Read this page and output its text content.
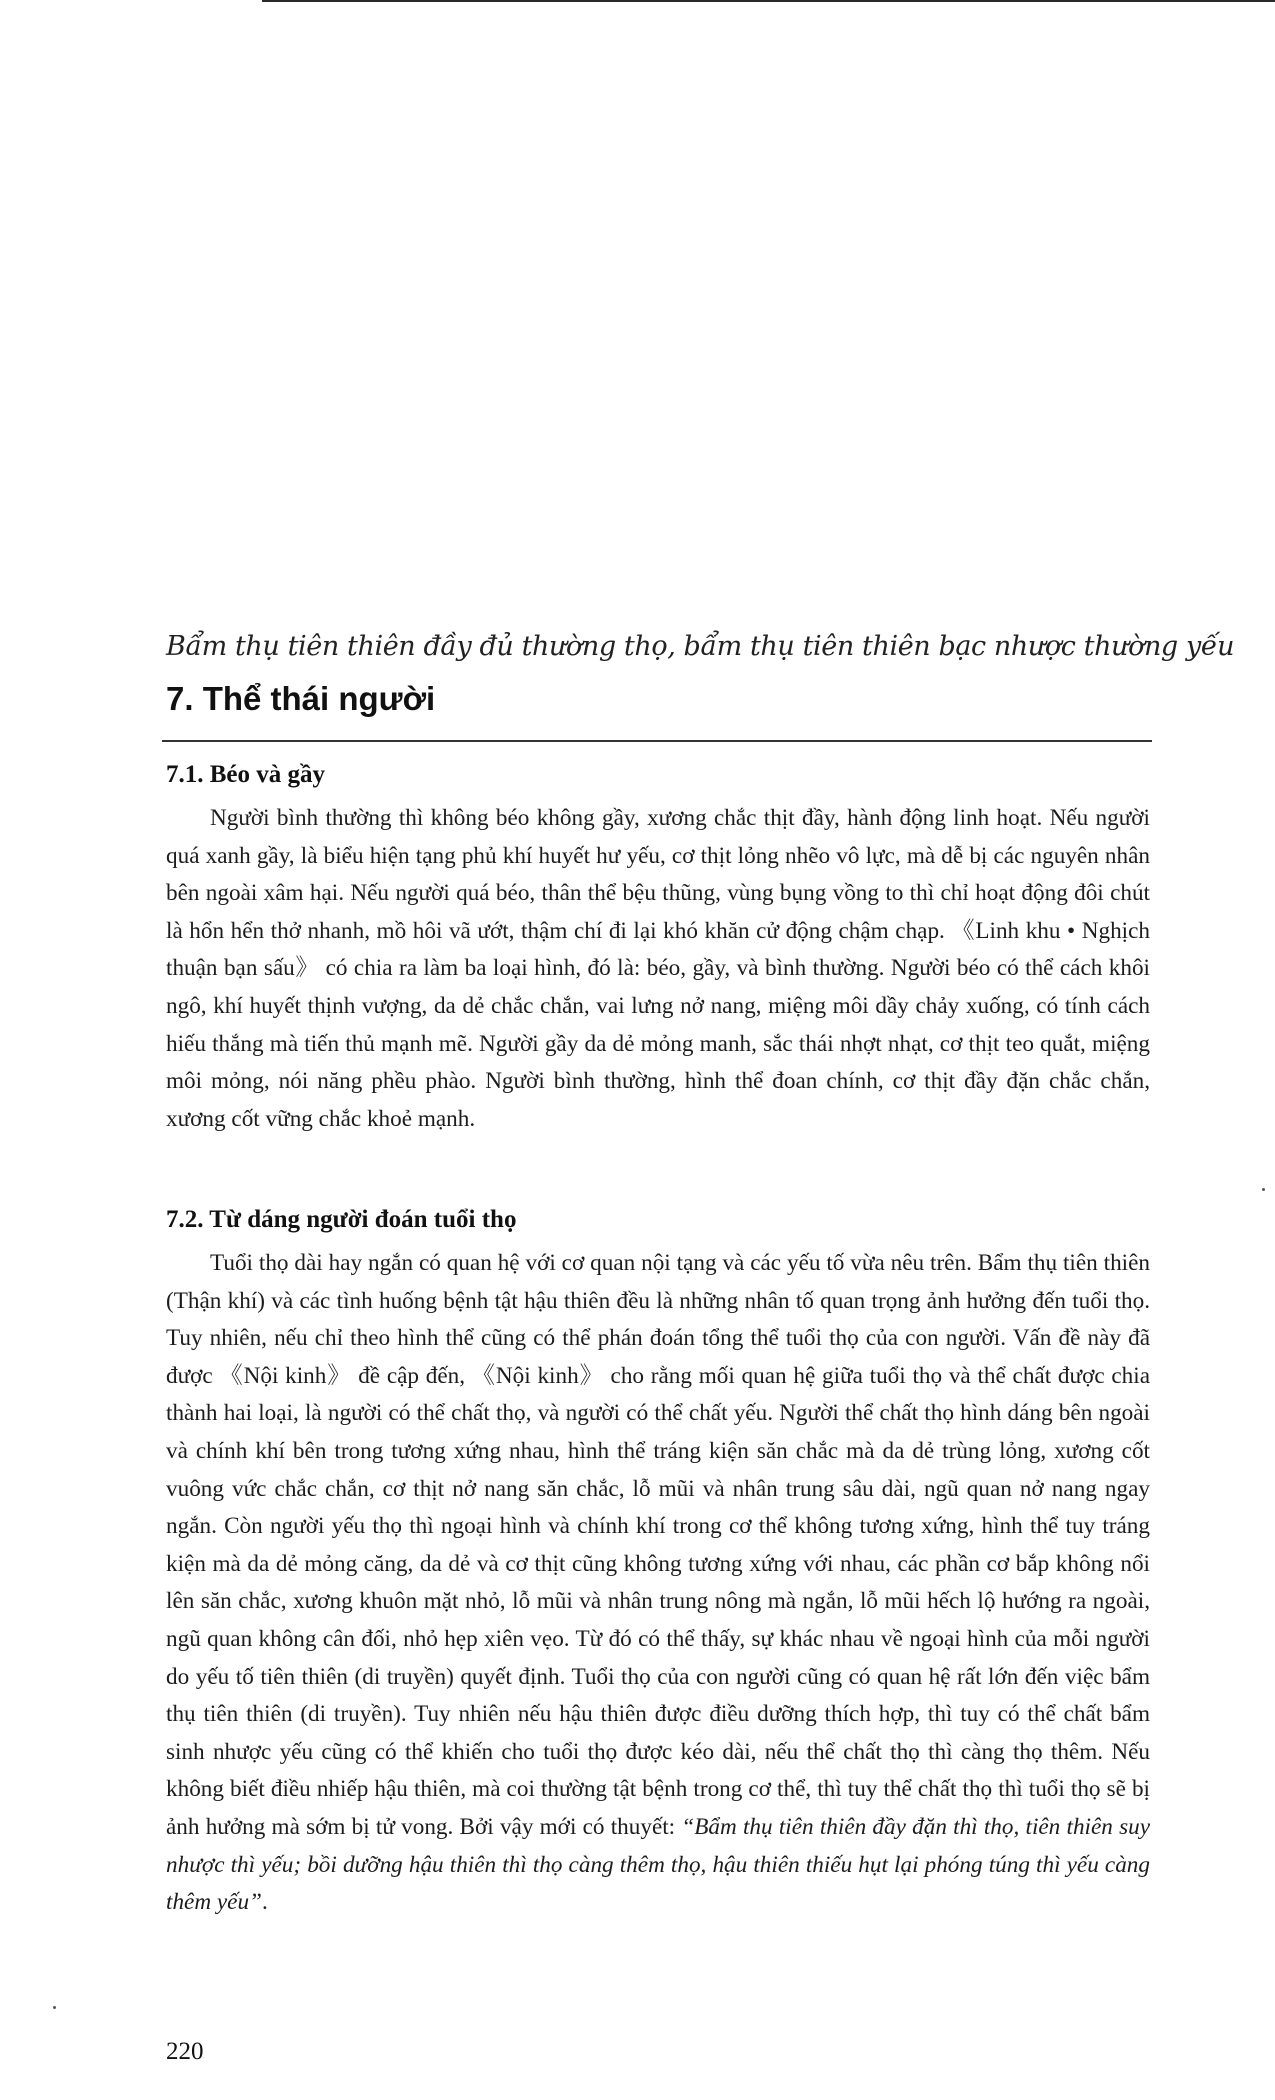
Bẩm thụ tiên thiên đầy đủ thường thọ, bẩm thụ tiên thiên bạc nhược thường yếu
7. Thể thái người
7.1. Béo và gầy

Người bình thường thì không béo không gầy, xương chắc thịt đầy, hành động linh hoạt. Nếu người quá xanh gầy, là biểu hiện tạng phủ khí huyết hư yếu, cơ thịt lỏng nhẽo vô lực, mà dễ bị các nguyên nhân bên ngoài xâm hại. Nếu người quá béo, thân thể bệu thũng, vùng bụng vồng to thì chỉ hoạt động đôi chút là hổn hển thở nhanh, mồ hôi vã ướt, thậm chí đi lại khó khăn cử động chậm chạp. 《Linh khu • Nghịch thuận bạn sấu》 có chia ra làm ba loại hình, đó là: béo, gầy, và bình thường. Người béo có thể cách khôi ngô, khí huyết thịnh vượng, da dẻ chắc chắn, vai lưng nở nang, miệng môi dầy chảy xuống, có tính cách hiếu thắng mà tiến thủ mạnh mẽ. Người gầy da dẻ mỏng manh, sắc thái nhợt nhạt, cơ thịt teo quắt, miệng môi mỏng, nói năng phều phào. Người bình thường, hình thể đoan chính, cơ thịt đầy đặn chắc chắn, xương cốt vững chắc khoẻ mạnh.

7.2. Từ dáng người đoán tuổi thọ

Tuổi thọ dài hay ngắn có quan hệ với cơ quan nội tạng và các yếu tố vừa nêu trên. Bẩm thụ tiên thiên (Thận khí) và các tình huống bệnh tật hậu thiên đều là những nhân tố quan trọng ảnh hưởng đến tuổi thọ. Tuy nhiên, nếu chỉ theo hình thể cũng có thể phán đoán tổng thể tuổi thọ của con người. Vấn đề này đã được 《Nội kinh》 đề cập đến, 《Nội kinh》 cho rằng mối quan hệ giữa tuổi thọ và thể chất được chia thành hai loại, là người có thể chất thọ, và người có thể chất yếu. Người thể chất thọ hình dáng bên ngoài và chính khí bên trong tương xứng nhau, hình thể tráng kiện săn chắc mà da dẻ trùng lỏng, xương cốt vuông vức chắc chắn, cơ thịt nở nang săn chắc, lỗ mũi và nhân trung sâu dài, ngũ quan nở nang ngay ngắn. Còn người yếu thọ thì ngoại hình và chính khí trong cơ thể không tương xứng, hình thể tuy tráng kiện mà da dẻ mỏng căng, da dẻ và cơ thịt cũng không tương xứng với nhau, các phần cơ bắp không nổi lên săn chắc, xương khuôn mặt nhỏ, lỗ mũi và nhân trung nông mà ngắn, lỗ mũi hếch lộ hướng ra ngoài, ngũ quan không cân đối, nhỏ hẹp xiên vẹo. Từ đó có thể thấy, sự khác nhau về ngoại hình của mỗi người do yếu tố tiên thiên (di truyền) quyết định. Tuổi thọ của con người cũng có quan hệ rất lớn đến việc bẩm thụ tiên thiên (di truyền). Tuy nhiên nếu hậu thiên được điều dưỡng thích hợp, thì tuy có thể chất bẩm sinh nhược yếu cũng có thể khiến cho tuổi thọ được kéo dài, nếu thể chất thọ thì càng thọ thêm. Nếu không biết điều nhiếp hậu thiên, mà coi thường tật bệnh trong cơ thể, thì tuy thể chất thọ thì tuổi thọ sẽ bị ảnh hưởng mà sớm bị tử vong. Bởi vậy mới có thuyết: “Bẩm thụ tiên thiên đầy đặn thì thọ, tiên thiên suy nhược thì yếu; bồi dưỡng hậu thiên thì thọ càng thêm thọ, hậu thiên thiếu hụt lại phóng túng thì yếu càng thêm yếu”.

220
